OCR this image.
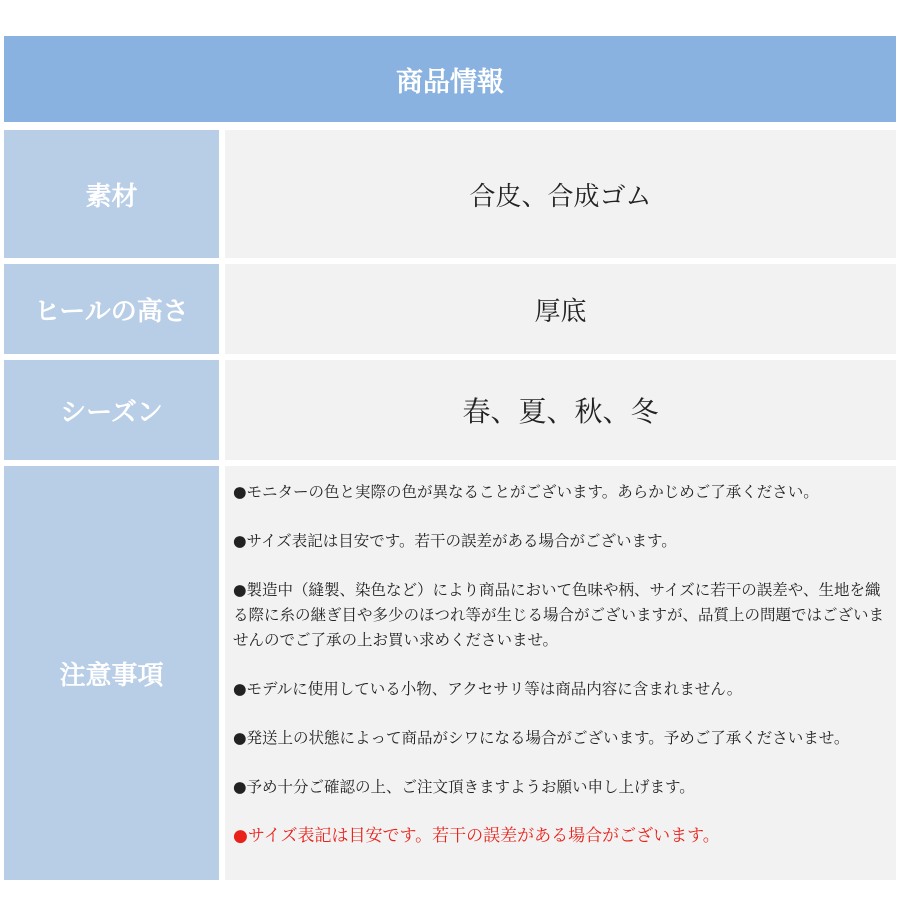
商品情報
素材	合皮、合成ゴム
ヒールの高さ	厚底
シーズン	春、夏、秋、冬
注意事項

●モニターの色と実際の色が異なることがございます。あらかじめご了承ください。

●サイズ表記は目安です。若干の誤差がある場合がございます。

●製造中（縫製、染色など）により商品において色味や柄、サイズに若干の誤差や、生地を織る際に糸の継ぎ目や多少のほつれ等が生じる場合がございますが、品質上の問題ではございませんのでご了承の上お買い求めくださいませ。

●モデルに使用している小物、アクセサリ等は商品内容に含まれません。

●発送上の状態によって商品がシワになる場合がございます。予めご了承くださいませ。

●予め十分ご確認の上、ご注文頂きますようお願い申し上げます。

●サイズ表記は目安です。若干の誤差がある場合がございます。
